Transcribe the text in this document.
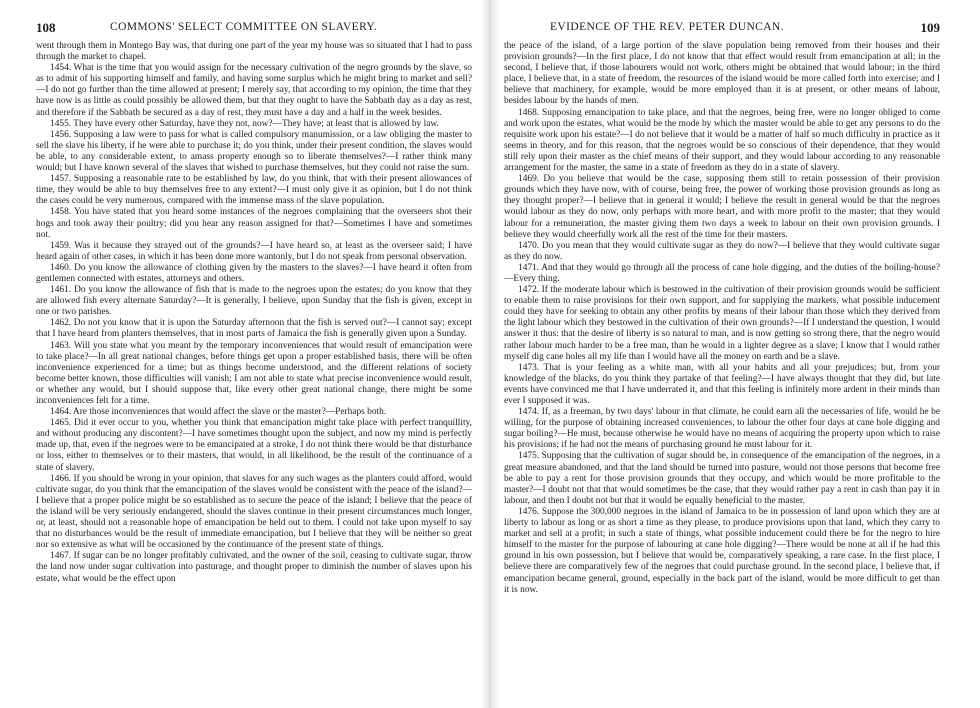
108	COMMONS' SELECT COMMITTEE ON SLAVERY.

went through them in Montego Bay was, that during one part of the year my house was so situated that I had to pass through the market to chapel.

1454. What is the time that you would assign for the necessary cultivation of the negro grounds by the slave, so as to admit of his supporting himself and family, and having some surplus which he might bring to market and sell?—I do not go further than the time allowed at present; I merely say, that according to my opinion, the time that they have now is as little as could possibly be allowed them, but that they ought to have the Sabbath day as a day as rest, and therefore if the Sabbath be secured as a day of rest, they must have a day and a half in the week besides.

1455. They have every other Saturday, have they not, now?—They have; at least that is allowed by law.

1456. Supposing a law were to pass for what is called compulsory manumission, or a law obliging the master to sell the slave his liberty, if he were able to purchase it; do you think, under their present condition, the slaves would be able, to any considerable extent, to amass property enough so to liberate themselves?—I rather think many would; but I have known several of the slaves that wished to purchase themselves, but they could not raise the sum.

1457. Supposing a reasonable rate to be established by law, do you think, that with their present allowances of time, they would be able to buy themselves free to any extent?—I must only give it as opinion, but I do not think the cases could be very numerous, compared with the immense mass of the slave population.

1458. You have stated that you heard some instances of the negroes complaining that the overseers shot their hogs and took away their poultry; did you hear any reason assigned for that?—Sometimes I have and sometimes not.

1459. Was it because they strayed out of the grounds?—I have heard so, at least as the overseer said; I have heard again of other cases, in which it has been done more wantonly, but I do not speak from personal observation.

1460. Do you know the allowance of clothing given by the masters to the slaves?—I have heard it often from gentlemen connected with estates, attorneys and others.

1461. Do you know the allowance of fish that is made to the negroes upon the estates; do you know that they are allowed fish every alternate Saturday?—It is generally, I believe, upon Sunday that the fish is given, except in one or two parishes.

1462. Do not you know that it is upon the Saturday afternoon that the fish is served out?—I cannot say; except that I have heard from planters themselves, that in most parts of Jamaica the fish is generally given upon a Sunday.

1463. Will you state what you meant by the temporary inconveniences that would result of emancipation were to take place?—In all great national changes, before things get upon a proper established basis, there will be often inconvenience experienced for a time; but as things become understood, and the different relations of society become better known, those difficulties will vanish; I am not able to state what precise inconvenience would result, or whether any would, but I should suppose that, like every other great national change, there might be some inconveniences felt for a time.

1464. Are those inconveniences that would affect the slave or the master?—Perhaps both.

1465. Did it ever occur to you, whether you think that emancipation might take place with perfect tranquillity, and without producing any discontent?—I have sometimes thought upon the subject, and now my mind is perfectly made up, that, even if the negroes were to be emancipated at a stroke, I do not think there would be that disturbance or loss, either to themselves or to their masters, that would, in all likelihood, be the result of the continuance of a state of slavery.

1466. If you should be wrong in your opinion, that slaves for any such wages as the planters could afford, would cultivate sugar, do you think that the emancipation of the slaves would be consistent with the peace of the island?—I believe that a proper police might be so established as to secure the peace of the island; I believe that the peace of the island will be very seriously endangered, should the slaves continue in their present circumstances much longer, or, at least, should not a reasonable hope of emancipation be held out to them. I could not take upon myself to say that no disturbances would be the result of immediate emancipation, but I believe that they will be neither so great nor so extensive as what will be occasioned by the continuance of the present state of things.

1467. If sugar can be no longer profitably cultivated, and the owner of the soil, ceasing to cultivate sugar, throw the land now under sugar cultivation into pasturage, and thought proper to diminish the number of slaves upon his estate, what would be the effect upon

EVIDENCE OF THE REV. PETER DUNCAN.	109

the peace of the island, of a large portion of the slave population being removed from their houses and their provision grounds?—In the first place, I do not know that that effect would result from emancipation at all; in the second, I believe that, if those labourers would not work, others might be obtained that would labour; in the third place, I believe that, in a state of freedom, the resources of the island would be more called forth into exercise; and I believe that machinery, for example, would be more employed than it is at present, or other means of labour, besides labour by the hands of men.

1468. Supposing emancipation to take place, and that the negroes, being free, were no longer obliged to come and work upon the estates, what would be the mode by which the master would be able to get any persons to do the requisite work upon his estate?—I do not believe that it would be a matter of half so much difficulty in practice as it seems in theory, and for this reason, that the negroes would be so conscious of their dependence, that they would still rely upon their master as the chief means of their support, and they would labour according to any reasonable arrangement for the master, the same in a state of freedom as they do in a state of slavery.

1469. Do you believe that would be the case, supposing them still to retain possession of their provision grounds which they have now, with of course, being free, the power of working those provision grounds as long as they thought proper?—I believe that in general it would; I believe the result in general would be that the negroes would labour as they do now, only perhaps with more heart, and with more profit to the master; that they would labour for a remuneration, the master giving them two days a week to labour on their own provision grounds. I believe they would cheerfully work all the rest of the time for their masters.

1470. Do you mean that they would cultivate sugar as they do now?—I believe that they would cultivate sugar as they do now.

1471. And that they would go through all the process of cane hole digging, and the duties of the boiling-house?—Every thing.

1472. If the moderate labour which is bestowed in the cultivation of their provision grounds would be sufficient to enable them to raise provisions for their own support, and for supplying the markets, what possible inducement could they have for seeking to obtain any other profits by means of their labour than those which they derived from the light labour which they bestowed in the cultivation of their own grounds?—If I understand the question, I would answer it thus: that the desire of liberty is so natural to man, and is now getting so strong there, that the negro would rather labour much harder to be a free man, than he would in a lighter degree as a slave; I know that I would rather myself dig cane holes all my life than I would have all the money on earth and be a slave.

1473. That is your feeling as a white man, with all your habits and all your prejudices; but, from your knowledge of the blacks, do you think they partake of that feeling?—I have always thought that they did, but late events have convinced me that I have underrated it, and that this feeling is infinitely more ardent in their minds than ever I supposed it was.

1474. If, as a freeman, by two days' labour in that climate, he could earn all the necessaries of life, would he be willing, for the purpose of obtaining increased conveniences, to labour the other four days at cane hole digging and sugar boiling?—He must, because otherwise he would have no means of acquiring the property upon which to raise his provisions; if he had not the means of purchasing ground he must labour for it.

1475. Supposing that the cultivation of sugar should be, in consequence of the emancipation of the negroes, in a great measure abandoned, and that the land should be turned into pasture, would not those persons that become free be able to pay a rent for those provision grounds that they occupy, and which would be more profitable to the master?—I doubt not that that would sometimes be the case, that they would rather pay a rent in cash than pay it in labour, and then I doubt not but that it would be equally beneficial to the master.

1476. Suppose the 300,000 negroes in the island of Jamaica to be in possession of land upon which they are at liberty to labour as long or as short a time as they please, to produce provisions upon that land, which they carry to market and sell at a profit; in such a state of things, what possible inducement could there be for the negro to hire himself to the master for the purpose of labouring at cane hole digging?—There would be none at all if he had this ground in his own possession, but I believe that would be, comparatively speaking, a rare case. In the first place, I believe there are comparatively few of the negroes that could purchase ground. In the second place, I believe that, if emancipation became general, ground, especially in the back part of the island, would be more difficult to get than it is now.
